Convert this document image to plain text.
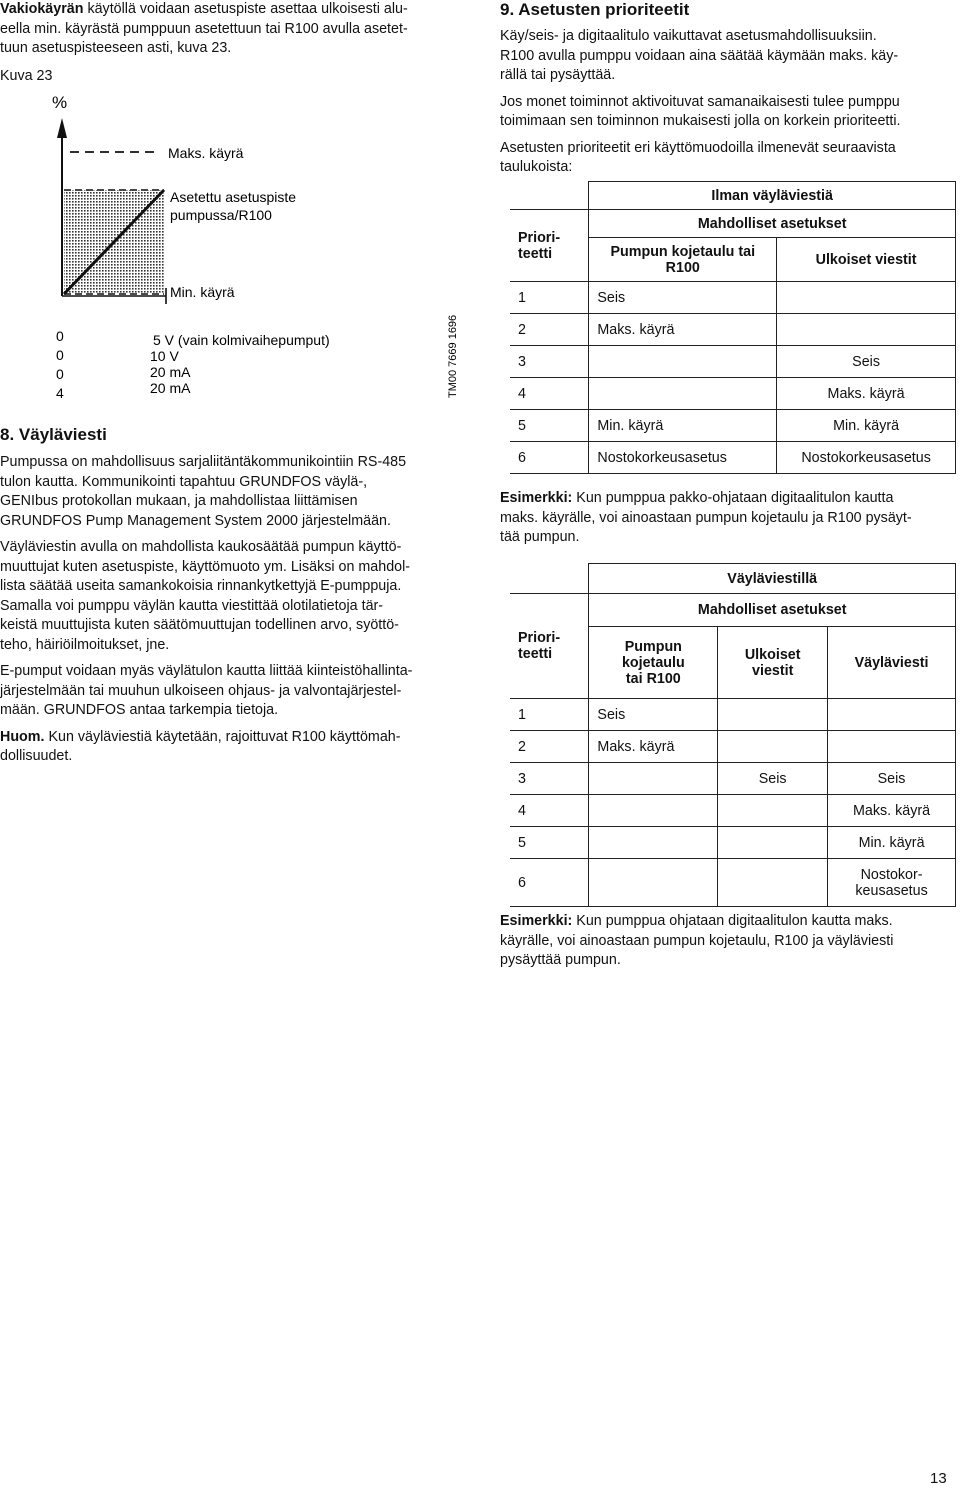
Vakiokäyrän käytöllä voidaan asetuspiste asettaa ulkoisesti alu-
eella min. käyrästä pumppuun asetettuun tai R100 avulla asetet-
tuun asetuspisteeseen asti, kuva 23.

Kuva 23

%
Maks. käyrä
Asetettu asetuspiste
pumpussa/R100
Min. käyrä
0
0
0
4
5 V (vain kolmivaihepumput)
10 V
20 mA
20 mA	TM00 7669 1696
8. Väyläviesti

Pumpussa on mahdollisuus sarjaliitäntäkommunikointiin RS-485
tulon kautta. Kommunikointi tapahtuu GRUNDFOS väylä-,
GENIbus protokollan mukaan, ja mahdollistaa liittämisen
GRUNDFOS Pump Management System 2000 järjestelmään.

Väyläviestin avulla on mahdollista kaukosäätää pumpun käyttö-
muuttujat kuten asetuspiste, käyttömuoto ym. Lisäksi on mahdol-
lista säätää useita samankokoisia rinnankytkettyjä E-pumppuja.
Samalla voi pumppu väylän kautta viestittää olotilatietoja tär-
keistä muuttujista kuten säätömuuttujan todellinen arvo, syöttö-
teho, häiriöilmoitukset, jne.

E-pumput voidaan myäs väylätulon kautta liittää kiinteistöhallinta-
järjestelmään tai muuhun ulkoiseen ohjaus- ja valvontajärjestel-
mään. GRUNDFOS antaa tarkempia tietoja.

Huom. Kun väyläviestiä käytetään, rajoittuvat R100 käyttömah-
dollisuudet.

9. Asetusten prioriteetit

Käy/seis- ja digitaalitulo vaikuttavat asetusmahdollisuuksiin.
R100 avulla pumppu voidaan aina säätää käymään maks. käy-
rällä tai pysäyttää.

Jos monet toiminnot aktivoituvat samanaikaisesti tulee pumppu
toimimaan sen toiminnon mukaisesti jolla on korkein prioriteetti.

Asetusten prioriteetit eri käyttömuodoilla ilmenevät seuraavista
taulukoista:

	Ilman väyläviestiä	
Priori-
teetti	Mahdolliset asetukset	
	Pumpun kojetaulu tai
R100	Ulkoiset viestit
1	Seis	
2	Maks. käyrä	
3		Seis
4		Maks. käyrä
5	Min. käyrä	Min. käyrä
6	Nostokorkeusasetus	Nostokorkeusasetus

Esimerkki: Kun pumppua pakko-ohjataan digitaalitulon kautta
maks. käyrälle, voi ainoastaan pumpun kojetaulu ja R100 pysäyt-
tää pumpun.

	Väyläviestillä		
Priori-
teetti	Mahdolliset asetukset		
	Pumpun
kojetaulu
tai R100	Ulkoiset
viestit	Väyläviesti
1	Seis		
2	Maks. käyrä		
3		Seis	Seis
4			Maks. käyrä
5			Min. käyrä
6			Nostokor-
keusasetus

Esimerkki: Kun pumppua ohjataan digitaalitulon kautta maks.
käyrälle, voi ainoastaan pumpun kojetaulu, R100 ja väyläviesti
pysäyttää pumpun.

13
